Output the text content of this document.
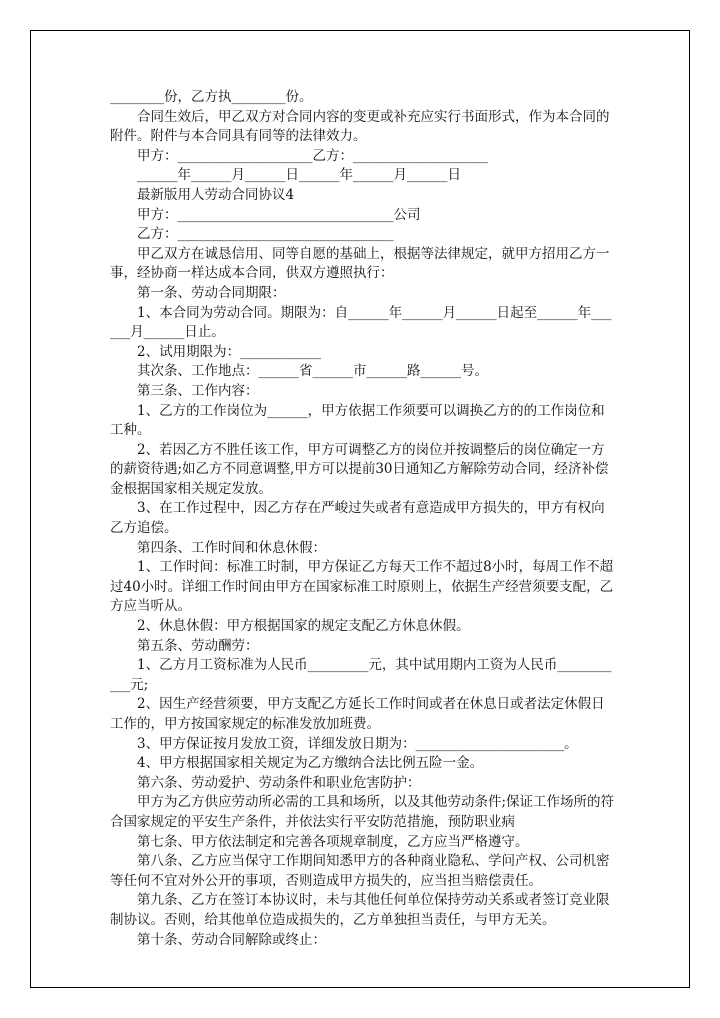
________份，乙方执________份。

合同生效后，甲乙双方对合同内容的变更或补充应实行书面形式，作为本合同的附件。附件与本合同具有同等的法律效力。

甲方：____________________乙方：____________________

______年______月______日______年______月______日

最新版用人劳动合同协议4

甲方：________________________________公司

乙方：________________________________

甲乙双方在诚恳信用、同等自愿的基础上，根据等法律规定，就甲方招用乙方一事，经协商一样达成本合同，供双方遵照执行：

第一条、劳动合同期限：

1、本合同为劳动合同。期限为：自______年______月______日起至______年______月______日止。

2、试用期限为：____________

其次条、工作地点：______省______市______路______号。

第三条、工作内容：

1、乙方的工作岗位为______，甲方依据工作须要可以调换乙方的的工作岗位和工种。

2、若因乙方不胜任该工作，甲方可调整乙方的岗位并按调整后的岗位确定一方的薪资待遇;如乙方不同意调整,甲方可以提前30日通知乙方解除劳动合同，经济补偿金根据国家相关规定发放。

3、在工作过程中，因乙方存在严峻过失或者有意造成甲方损失的，甲方有权向乙方追偿。

第四条、工作时间和休息休假：

1、工作时间：标准工时制，甲方保证乙方每天工作不超过8小时，每周工作不超过40小时。详细工作时间由甲方在国家标准工时原则上，依据生产经营须要支配，乙方应当听从。

2、休息休假：甲方根据国家的规定支配乙方休息休假。

第五条、劳动酬劳：

1、乙方月工资标准为人民币_________元，其中试用期内工资为人民币___________元;

2、因生产经营须要，甲方支配乙方延长工作时间或者在休息日或者法定休假日工作的，甲方按国家规定的标准发放加班费。

3、甲方保证按月发放工资，详细发放日期为：______________________。

4、甲方根据国家相关规定为乙方缴纳合法比例五险一金。

第六条、劳动爱护、劳动条件和职业危害防护：

甲方为乙方供应劳动所必需的工具和场所，以及其他劳动条件;保证工作场所的符合国家规定的平安生产条件，并依法实行平安防范措施，预防职业病

第七条、甲方依法制定和完善各项规章制度，乙方应当严格遵守。

第八条、乙方应当保守工作期间知悉甲方的各种商业隐私、学问产权、公司机密等任何不宜对外公开的事项，否则造成甲方损失的，应当担当赔偿责任。

第九条、乙方在签订本协议时，未与其他任何单位保持劳动关系或者签订竞业限制协议。否则，给其他单位造成损失的，乙方单独担当责任，与甲方无关。

第十条、劳动合同解除或终止：
